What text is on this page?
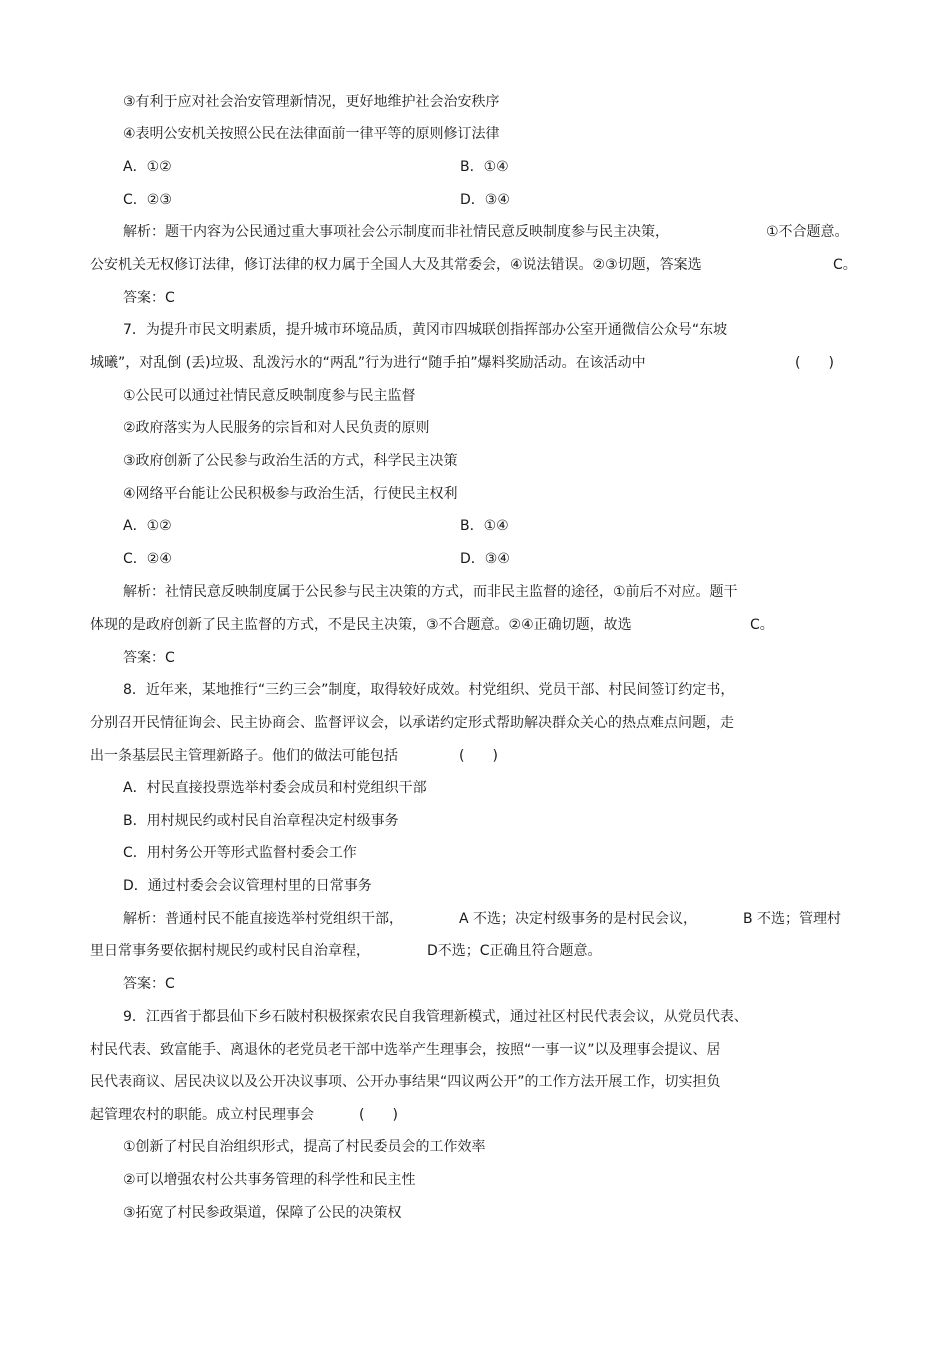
③有利于应对社会治安管理新情况，更好地维护社会治安秩序
④表明公安机关按照公民在法律面前一律平等的原则修订法律
A．①②	B．①④
C．②③	D．③④
解析：题干内容为公民通过重大事项社会公示制度而非社情民意反映制度参与民主决策，	①不合题意。
公安机关无权修订法律，修订法律的权力属于全国人大及其常委会，④说法错误。②③切题，答案选	C。
答案：C
7．为提升市民文明素质，提升城市环境品质，黄冈市四城联创指挥部办公室开通微信公众号“东坡
城曦”，对乱倒 (丢)垃圾、乱泼污水的“两乱”行为进行“随手拍”爆料奖励活动。在该活动中	(　　)
①公民可以通过社情民意反映制度参与民主监督
②政府落实为人民服务的宗旨和对人民负责的原则
③政府创新了公民参与政治生活的方式，科学民主决策
④网络平台能让公民积极参与政治生活，行使民主权利
A．①②	B．①④
C．②④	D．③④
解析：社情民意反映制度属于公民参与民主决策的方式，而非民主监督的途径，①前后不对应。题干
体现的是政府创新了民主监督的方式，不是民主决策，③不合题意。②④正确切题，故选	C。
答案：C
8．近年来，某地推行“三约三会”制度，取得较好成效。村党组织、党员干部、村民间签订约定书，
分别召开民情征询会、民主协商会、监督评议会，以承诺约定形式帮助解决群众关心的热点难点问题，走
出一条基层民主管理新路子。他们的做法可能包括	(　　)
A．村民直接投票选举村委会成员和村党组织干部
B．用村规民约或村民自治章程决定村级事务
C．用村务公开等形式监督村委会工作
D．通过村委会会议管理村里的日常事务
解析：普通村民不能直接选举村党组织干部，	A 不选；决定村级事务的是村民会议，	B 不选；管理村
里日常事务要依据村规民约或村民自治章程，	D不选；C正确且符合题意。
答案：C
9．江西省于都县仙下乡石陂村积极探索农民自我管理新模式，通过社区村民代表会议，从党员代表、
村民代表、致富能手、离退休的老党员老干部中选举产生理事会，按照“一事一议”以及理事会提议、居
民代表商议、居民决议以及公开决议事项、公开办事结果“四议两公开”的工作方法开展工作，切实担负
起管理农村的职能。成立村民理事会	(　　)
①创新了村民自治组织形式，提高了村民委员会的工作效率
②可以增强农村公共事务管理的科学性和民主性
③拓宽了村民参政渠道，保障了公民的决策权
